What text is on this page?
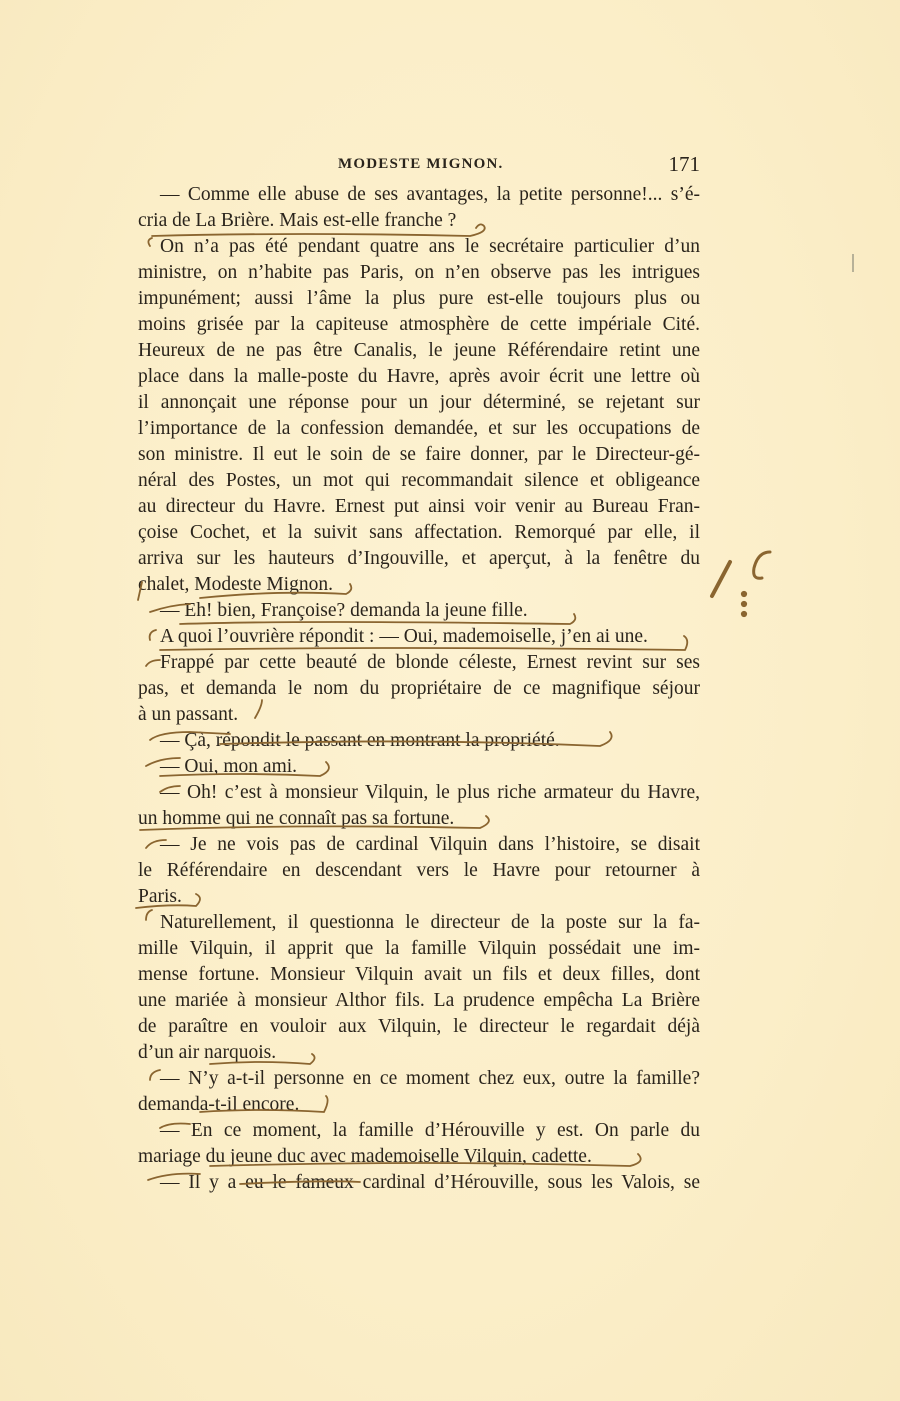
MODESTE MIGNON.	171
— Comme elle abuse de ses avantages, la petite personne!... s’é-
cria de La Brière. Mais est-elle franche ?
On n’a pas été pendant quatre ans le secrétaire particulier d’un
ministre, on n’habite pas Paris, on n’en observe pas les intrigues
impunément; aussi l’âme la plus pure est-elle toujours plus ou
moins grisée par la capiteuse atmosphère de cette impériale Cité.
Heureux de ne pas être Canalis, le jeune Référendaire retint une
place dans la malle-poste du Havre, après avoir écrit une lettre où
il annonçait une réponse pour un jour déterminé, se rejetant sur
l’importance de la confession demandée, et sur les occupations de
son ministre. Il eut le soin de se faire donner, par le Directeur-gé-
néral des Postes, un mot qui recommandait silence et obligeance
au directeur du Havre. Ernest put ainsi voir venir au Bureau Fran-
çoise Cochet, et la suivit sans affectation. Remorqué par elle, il
arriva sur les hauteurs d’Ingouville, et aperçut, à la fenêtre du
chalet, Modeste Mignon.
— Eh! bien, Françoise? demanda la jeune fille.
A quoi l’ouvrière répondit : — Oui, mademoiselle, j’en ai une.
Frappé par cette beauté de blonde céleste, Ernest revint sur ses
pas, et demanda le nom du propriétaire de ce magnifique séjour
à un passant.
— Çà, répondit le passant en montrant la propriété.
— Oui, mon ami.
— Oh! c’est à monsieur Vilquin, le plus riche armateur du Havre,
un homme qui ne connaît pas sa fortune.
— Je ne vois pas de cardinal Vilquin dans l’histoire, se disait
le Référendaire en descendant vers le Havre pour retourner à
Paris.
Naturellement, il questionna le directeur de la poste sur la fa-
mille Vilquin, il apprit que la famille Vilquin possédait une im-
mense fortune. Monsieur Vilquin avait un fils et deux filles, dont
une mariée à monsieur Althor fils. La prudence empêcha La Brière
de paraître en vouloir aux Vilquin, le directeur le regardait déjà
d’un air narquois.
— N’y a-t-il personne en ce moment chez eux, outre la famille?
demanda-t-il encore.
— En ce moment, la famille d’Hérouville y est. On parle du
mariage du jeune duc avec mademoiselle Vilquin, cadette.
— Il y a eu le fameux cardinal d’Hérouville, sous les Valois, se
